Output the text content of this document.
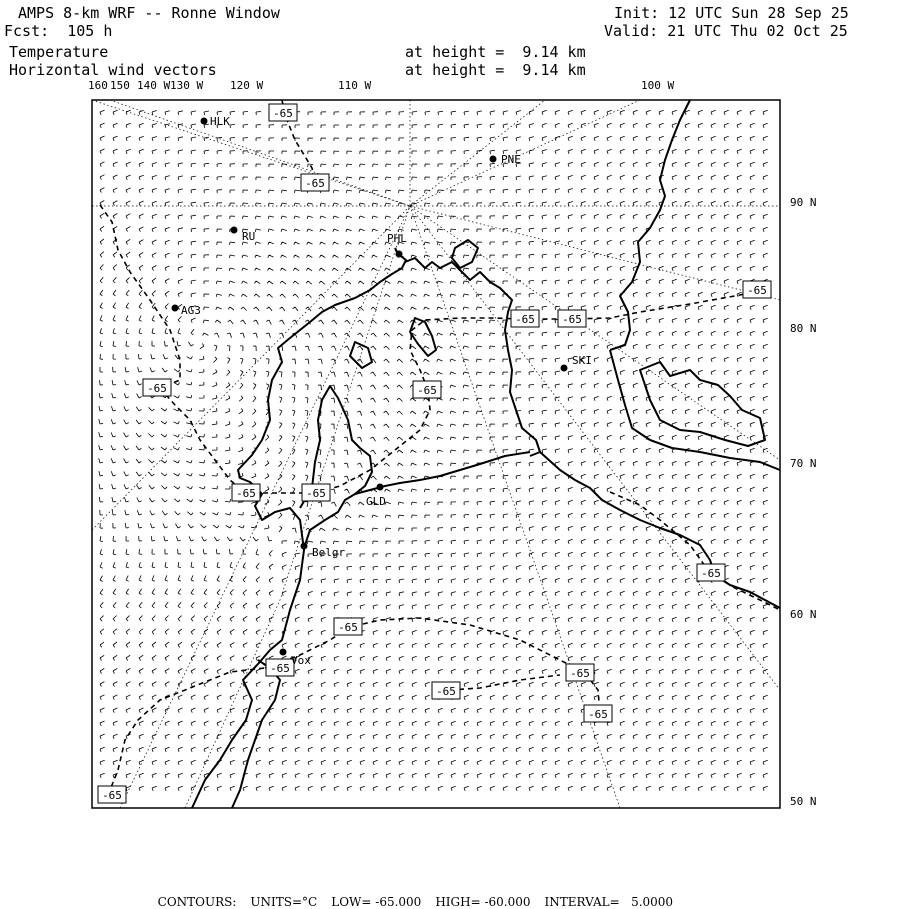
AMPS 8-km WRF -- Ronne Window
Fcst:  105 h
Temperature
Horizontal wind vectors
Init: 12 UTC Sun 28 Sep 25
Valid: 21 UTC Thu 02 Oct 25
at height =  9.14 km
at height =  9.14 km
160 150 140 W 130 W 120 W	110 W	100 W
90 N
80 N
70 N
60 N
50 N
-65
-65
-65	-65
-65	-65
-65 -65
-65
-65
-65
-65
-65
-65
-65
-65
HLK
PNE
RU	PHL
AG3
SKI
GLD
Belgr
Vox

CONTOURS: UNITS=°C LOW= -65.000 HIGH= -60.000 INTERVAL=   5.0000
